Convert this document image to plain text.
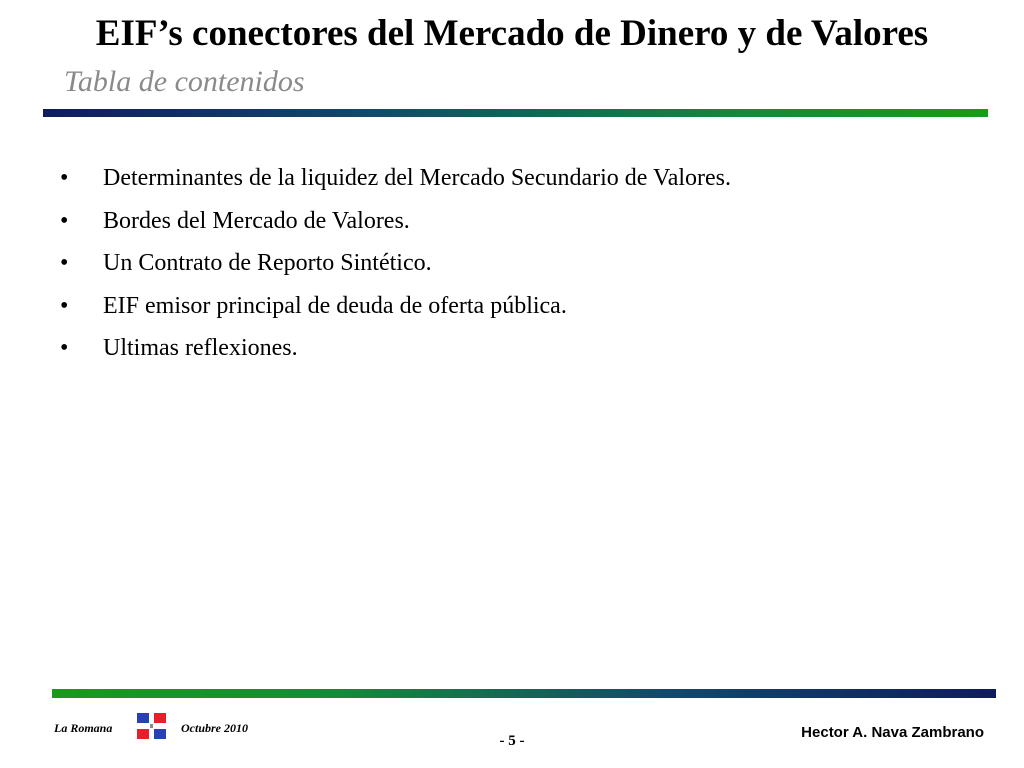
EIF’s conectores del Mercado de Dinero y de Valores
Tabla de contenidos
•	Determinantes de la liquidez del Mercado Secundario de Valores.
•	Bordes del Mercado de Valores.
•	Un Contrato de Reporto Sintético.
•	EIF emisor principal de deuda de oferta pública.
•	Ultimas reflexiones.
La Romana	Octubre 2010
- 5 -	Hector A. Nava Zambrano
